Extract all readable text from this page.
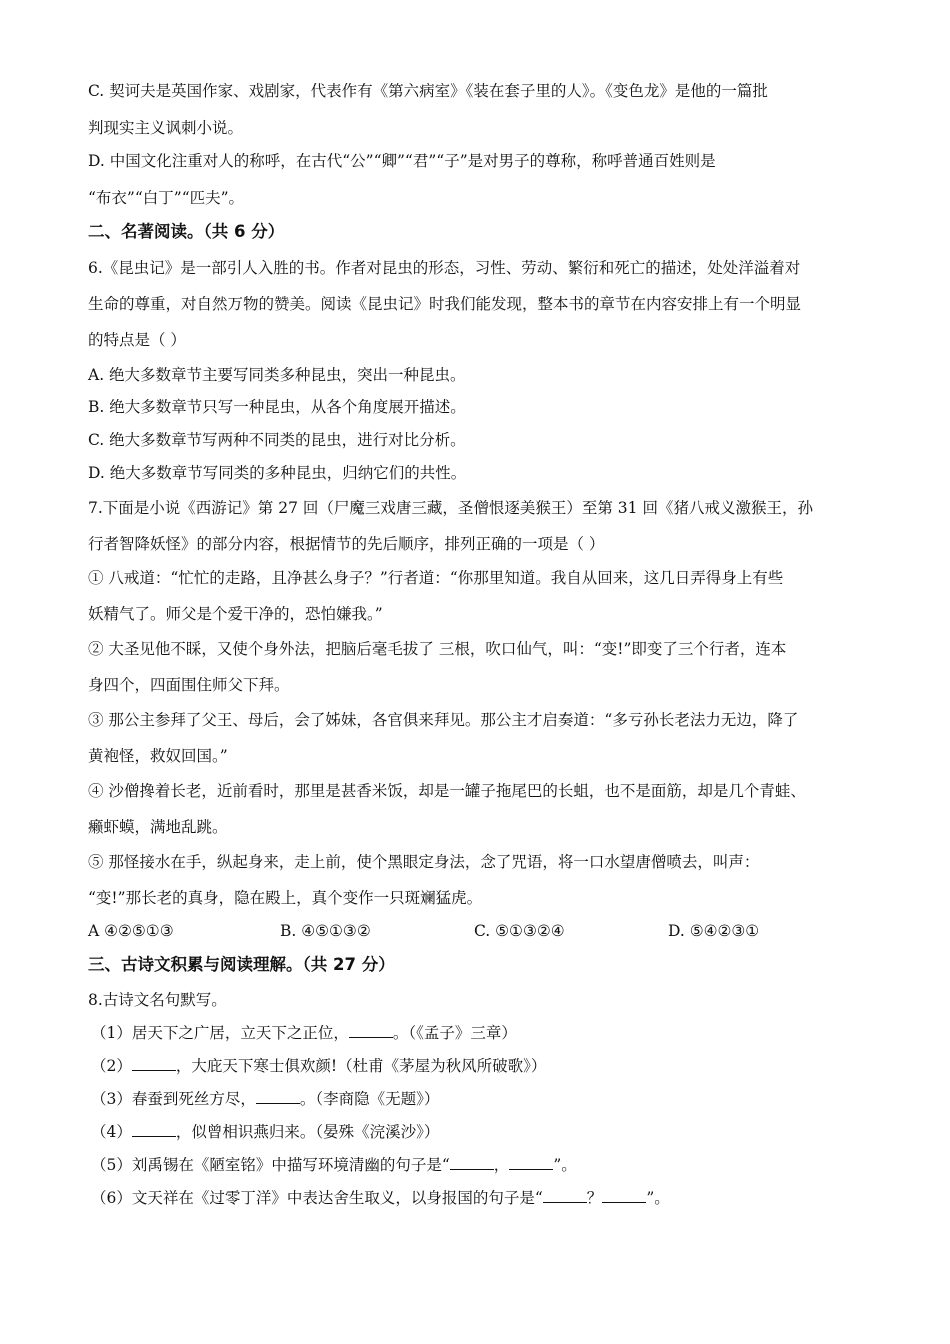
C. 契诃夫是英国作家、戏剧家，代表作有《第六病室》《装在套子里的人》。《变色龙》是他的一篇批
判现实主义讽刺小说。
D. 中国文化注重对人的称呼，在古代“公”“卿”“君”“子”是对男子的尊称，称呼普通百姓则是
“布衣”“白丁”“匹夫”。
二、名著阅读。（共 6 分）
6.《昆虫记》是一部引人入胜的书。作者对昆虫的形态，习性、劳动、繁衍和死亡的描述，处处洋溢着对
生命的尊重，对自然万物的赞美。阅读《昆虫记》时我们能发现，整本书的章节在内容安排上有一个明显
的特点是（ ）
A. 绝大多数章节主要写同类多种昆虫，突出一种昆虫。
B. 绝大多数章节只写一种昆虫，从各个角度展开描述。
C. 绝大多数章节写两种不同类的昆虫，进行对比分析。
D. 绝大多数章节写同类的多种昆虫，归纳它们的共性。
7.下面是小说《西游记》第 27 回（尸魔三戏唐三藏，圣僧恨逐美猴王）至第 31 回《猪八戒义激猴王，孙
行者智降妖怪》的部分内容，根据情节的先后顺序，排列正确的一项是（ ）
① 八戒道：“忙忙的走路，且净甚么身子？”行者道：“你那里知道。我自从回来，这几日弄得身上有些
妖精气了。师父是个爱干净的，恐怕嫌我。”
② 大圣见他不睬，又使个身外法，把脑后毫毛拔了 三根，吹口仙气，叫：“变!”即变了三个行者，连本
身四个，四面围住师父下拜。
③ 那公主参拜了父王、母后，会了姊妹，各官俱来拜见。那公主才启奏道：“多亏孙长老法力无边，降了
黄袍怪，救奴回国。”
④ 沙僧搀着长老，近前看时，那里是甚香米饭，却是一罐子拖尾巴的长蛆，也不是面筋，却是几个青蛙、
癞虾蟆，满地乱跳。
⑤ 那怪接水在手，纵起身来，走上前，使个黑眼定身法，念了咒语，将一口水望唐僧喷去，叫声：
“变!”那长老的真身，隐在殿上，真个变作一只斑斓猛虎。
A ④②⑤①③	B. ④⑤①③②	C. ⑤①③②④	D. ⑤④②③①
三、古诗文积累与阅读理解。（共 27 分）
8.古诗文名句默写。
（1）居天下之广居，立天下之正位，	。（《孟子》三章）
（2）	，大庇天下寒士俱欢颜!（杜甫《茅屋为秋风所破歌》）
（3）春蚕到死丝方尽，	。（李商隐《无题》）
（4）	，似曾相识燕归来。（晏殊《浣溪沙》）
（5）刘禹锡在《陋室铭》中描写环境清幽的句子是“	，	”。
（6）文天祥在《过零丁洋》中表达舍生取义，以身报国的句子是“	？	”。
